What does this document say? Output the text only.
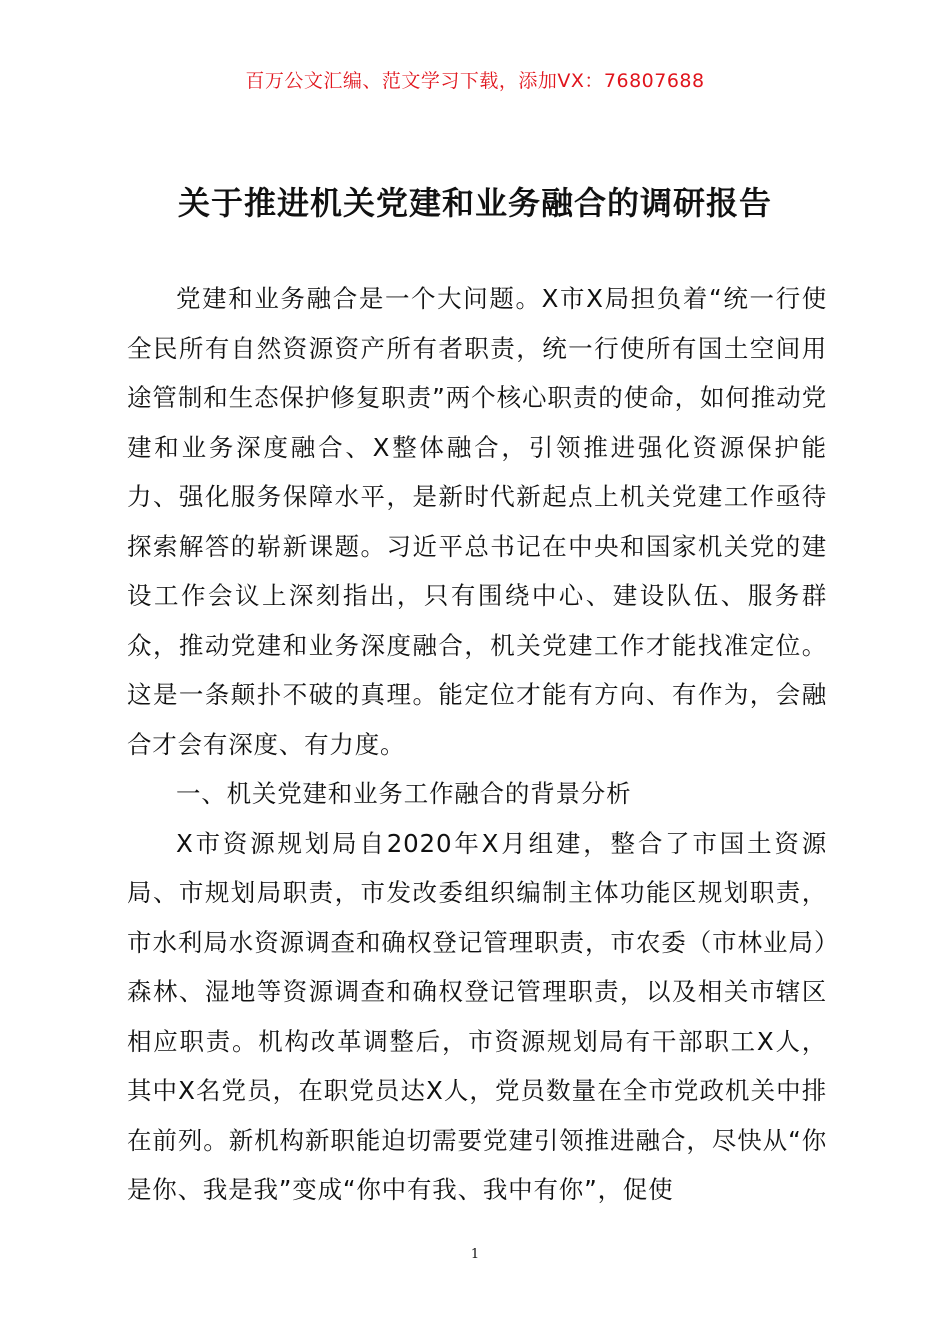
百万公文汇编、范文学习下载，添加VX：76807688
关于推进机关党建和业务融合的调研报告

党建和业务融合是一个大问题。X市X局担负着“统一行使全民所有自然资源资产所有者职责，统一行使所有国土空间用途管制和生态保护修复职责”两个核心职责的使命，如何推动党建和业务深度融合、X整体融合，引领推进强化资源保护能力、强化服务保障水平，是新时代新起点上机关党建工作亟待探索解答的崭新课题。习近平总书记在中央和国家机关党的建设工作会议上深刻指出，只有围绕中心、建设队伍、服务群众，推动党建和业务深度融合，机关党建工作才能找准定位。这是一条颠扑不破的真理。能定位才能有方向、有作为，会融合才会有深度、有力度。

一、机关党建和业务工作融合的背景分析

X市资源规划局自2020年X月组建，整合了市国土资源局、市规划局职责，市发改委组织编制主体功能区规划职责，市水利局水资源调查和确权登记管理职责，市农委（市林业局）森林、湿地等资源调查和确权登记管理职责，以及相关市辖区相应职责。机构改革调整后，市资源规划局有干部职工X人，其中X名党员，在职党员达X人，党员数量在全市党政机关中排在前列。新机构新职能迫切需要党建引领推进融合，尽快从“你是你、我是我”变成“你中有我、我中有你”，促使

1
